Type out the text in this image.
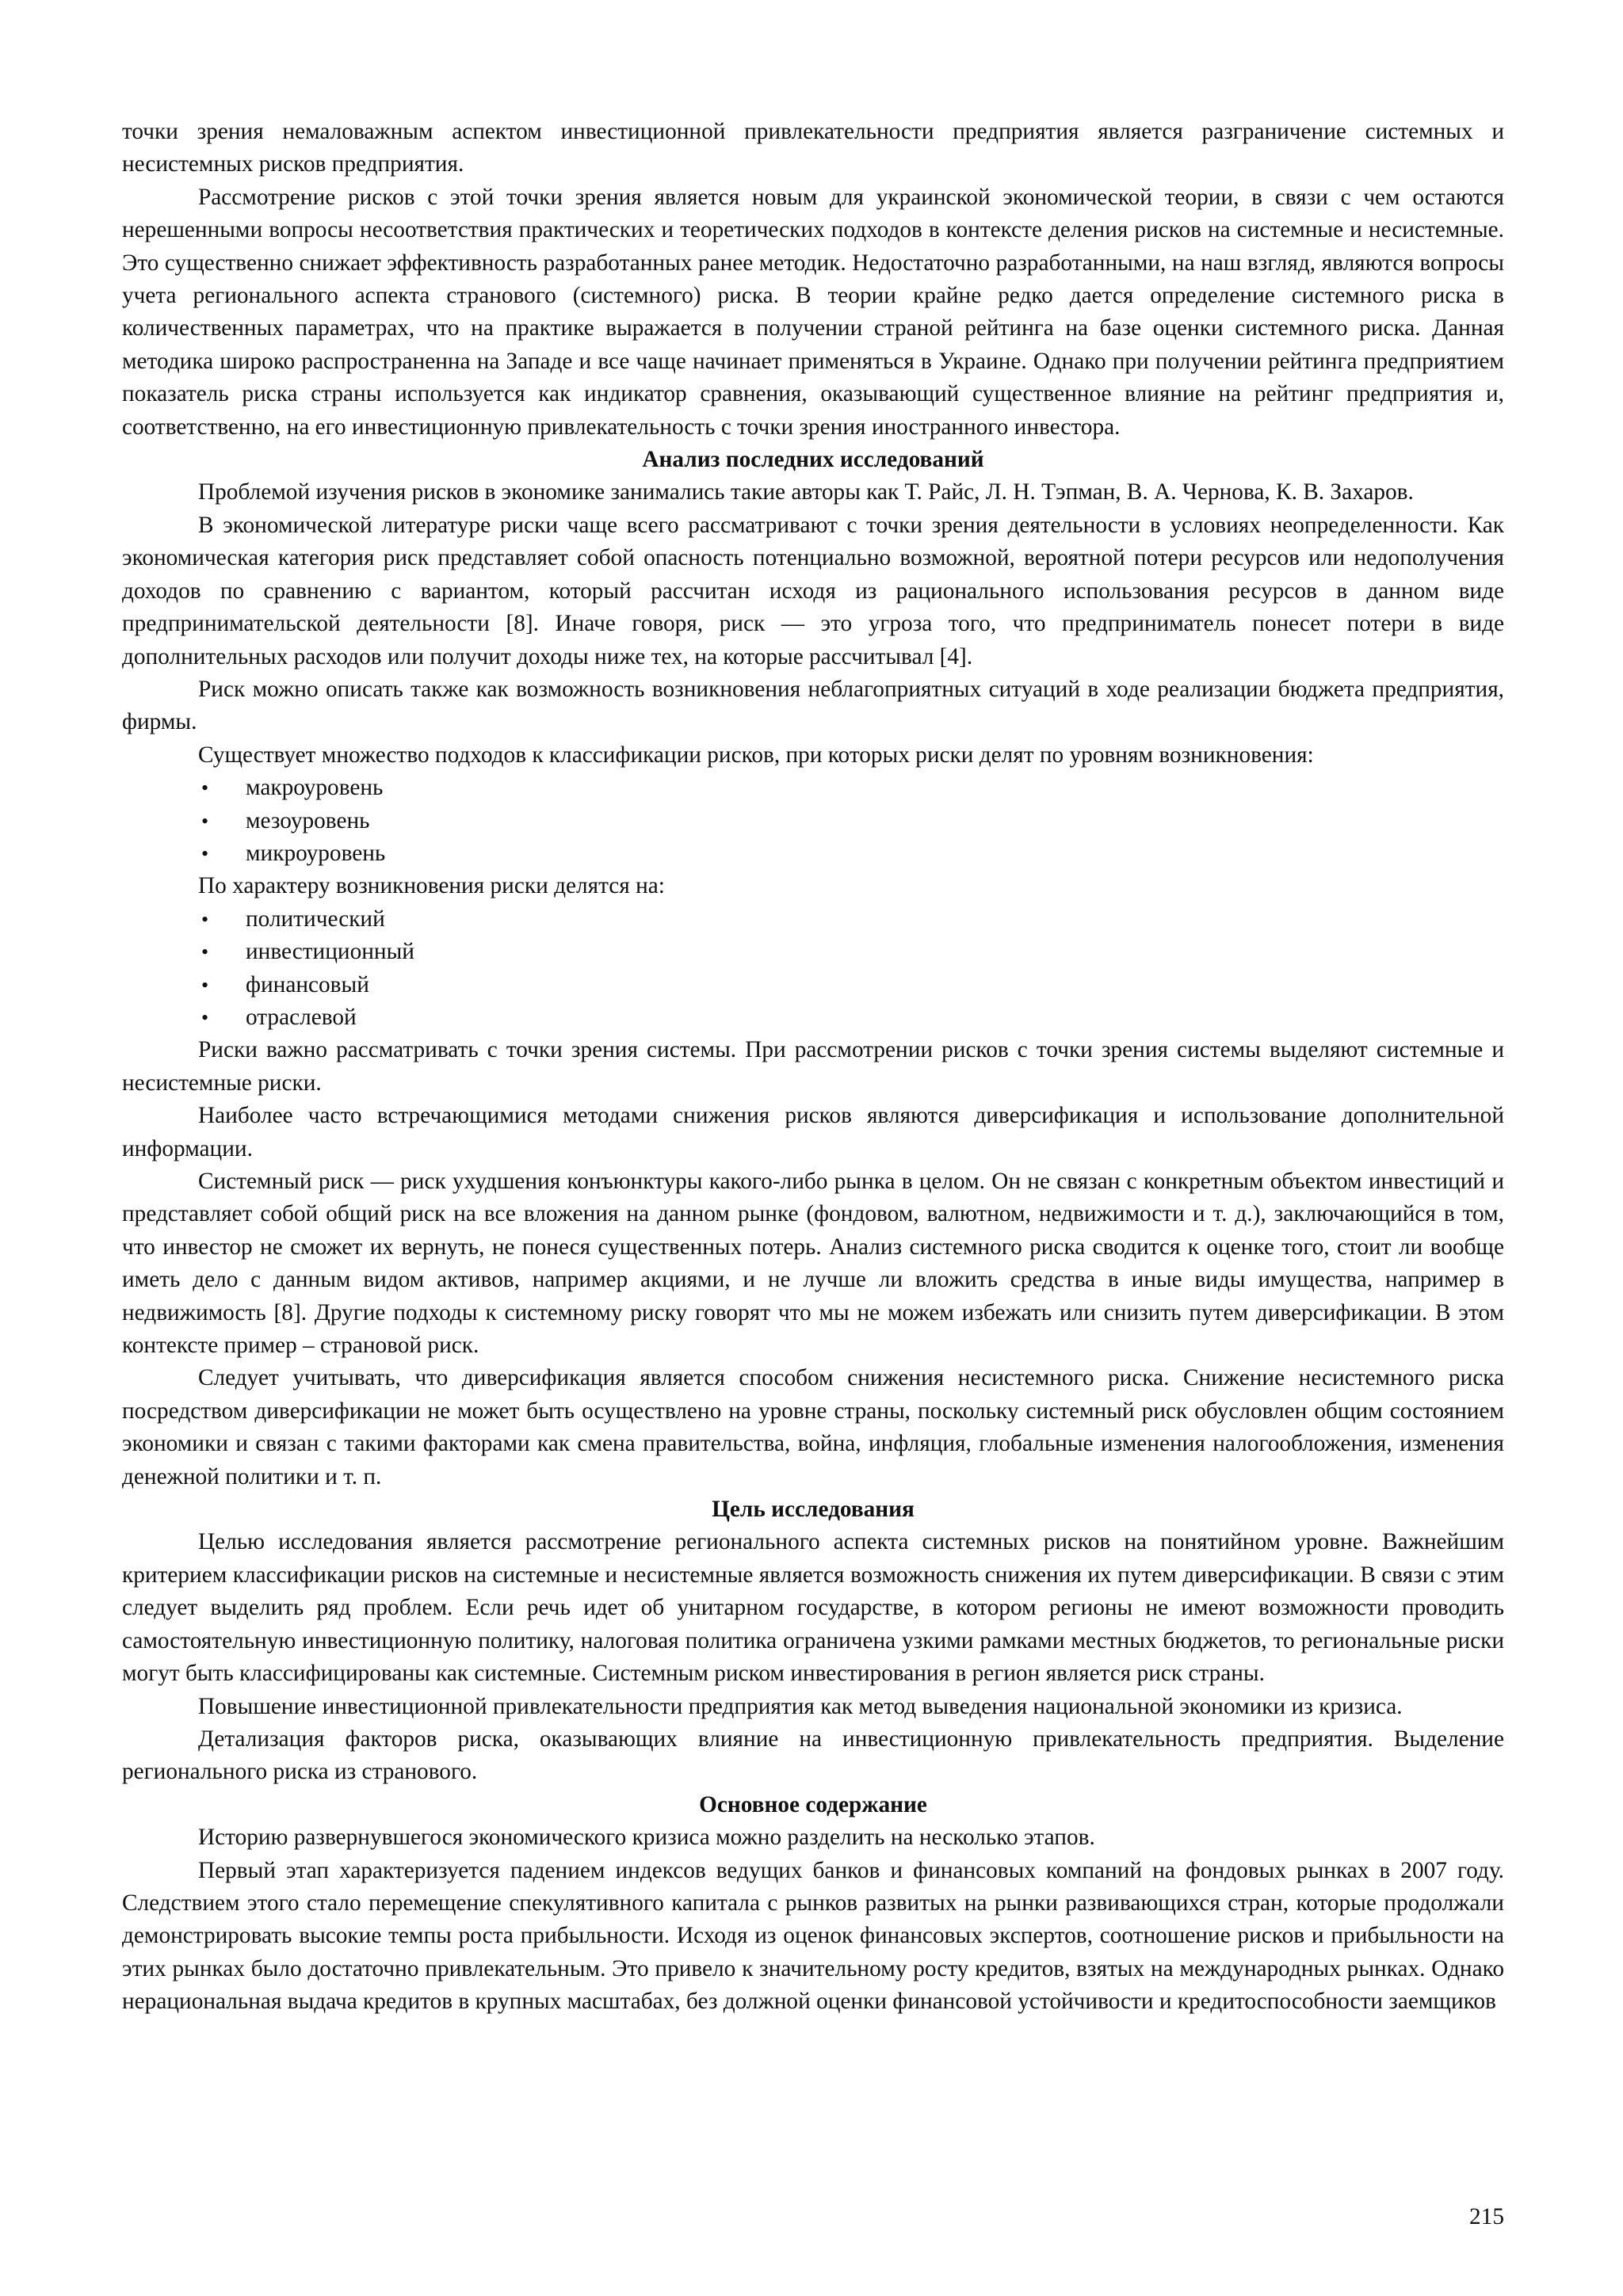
точки зрения немаловажным аспектом инвестиционной привлекательности предприятия является разграничение системных и несистемных рисков предприятия.

Рассмотрение рисков с этой точки зрения является новым для украинской экономической теории, в связи с чем остаются нерешенными вопросы несоответствия практических и теоретических подходов в контексте деления рисков на системные и несистемные. Это существенно снижает эффективность разработанных ранее методик. Недостаточно разработанными, на наш взгляд, являются вопросы учета регионального аспекта странового (системного) риска. В теории крайне редко дается определение системного риска в количественных параметрах, что на практике выражается в получении страной рейтинга на базе оценки системного риска. Данная методика широко распространенна на Западе и все чаще начинает применяться в Украине. Однако при получении рейтинга предприятием показатель риска страны используется как индикатор сравнения, оказывающий существенное влияние на рейтинг предприятия и, соответственно, на его инвестиционную привлекательность с точки зрения иностранного инвестора.

Анализ последних исследований

Проблемой изучения рисков в экономике занимались такие авторы как Т. Райс, Л. Н. Тэпман, В. А. Чернова, К. В. Захаров.

В экономической литературе риски чаще всего рассматривают с точки зрения деятельности в условиях неопределенности. Как экономическая категория риск представляет собой опасность потенциально возможной, вероятной потери ресурсов или недополучения доходов по сравнению с вариантом, который рассчитан исходя из рационального использования ресурсов в данном виде предпринимательской деятельности [8]. Иначе говоря, риск — это угроза того, что предприниматель понесет потери в виде дополнительных расходов или получит доходы ниже тех, на которые рассчитывал [4].

Риск можно описать также как возможность возникновения неблагоприятных ситуаций в ходе реализации бюджета предприятия, фирмы.

Существует множество подходов к классификации рисков, при которых риски делят по уровням возникновения:

• макроуровень
• мезоуровень
• микроуровень

По характеру возникновения риски делятся на:

• политический
• инвестиционный
• финансовый
• отраслевой

Риски важно рассматривать с точки зрения системы. При рассмотрении рисков с точки зрения системы выделяют системные и несистемные риски.

Наиболее часто встречающимися методами снижения рисков являются диверсификация и использование дополнительной информации.

Системный риск — риск ухудшения конъюнктуры какого-либо рынка в целом. Он не связан с конкретным объектом инвестиций и представляет собой общий риск на все вложения на данном рынке (фондовом, валютном, недвижимости и т. д.), заключающийся в том, что инвестор не сможет их вернуть, не понеся существенных потерь. Анализ системного риска сводится к оценке того, стоит ли вообще иметь дело с данным видом активов, например акциями, и не лучше ли вложить средства в иные виды имущества, например в недвижимость [8]. Другие подходы к системному риску говорят что мы не можем избежать или снизить путем диверсификации. В этом контексте пример – страновой риск.

Следует учитывать, что диверсификация является способом снижения несистемного риска. Снижение несистемного риска посредством диверсификации не может быть осуществлено на уровне страны, поскольку системный риск обусловлен общим состоянием экономики и связан с такими факторами как смена правительства, война, инфляция, глобальные изменения налогообложения, изменения денежной политики и т. п.

Цель исследования

Целью исследования является рассмотрение регионального аспекта системных рисков на понятийном уровне. Важнейшим критерием классификации рисков на системные и несистемные является возможность снижения их путем диверсификации. В связи с этим следует выделить ряд проблем. Если речь идет об унитарном государстве, в котором регионы не имеют возможности проводить самостоятельную инвестиционную политику, налоговая политика ограничена узкими рамками местных бюджетов, то региональные риски могут быть классифицированы как системные. Системным риском инвестирования в регион является риск страны.

Повышение инвестиционной привлекательности предприятия как метод выведения национальной экономики из кризиса.

Детализация факторов риска, оказывающих влияние на инвестиционную привлекательность предприятия. Выделение регионального риска из странового.

Основное содержание

Историю развернувшегося экономического кризиса можно разделить на несколько этапов.

Первый этап характеризуется падением индексов ведущих банков и финансовых компаний на фондовых рынках в 2007 году. Следствием этого стало перемещение спекулятивного капитала с рынков развитых на рынки развивающихся стран, которые продолжали демонстрировать высокие темпы роста прибыльности. Исходя из оценок финансовых экспертов, соотношение рисков и прибыльности на этих рынках было достаточно привлекательным. Это привело к значительному росту кредитов, взятых на международных рынках. Однако нерациональная выдача кредитов в крупных масштабах, без должной оценки финансовой устойчивости и кредитоспособности заемщиков

215
